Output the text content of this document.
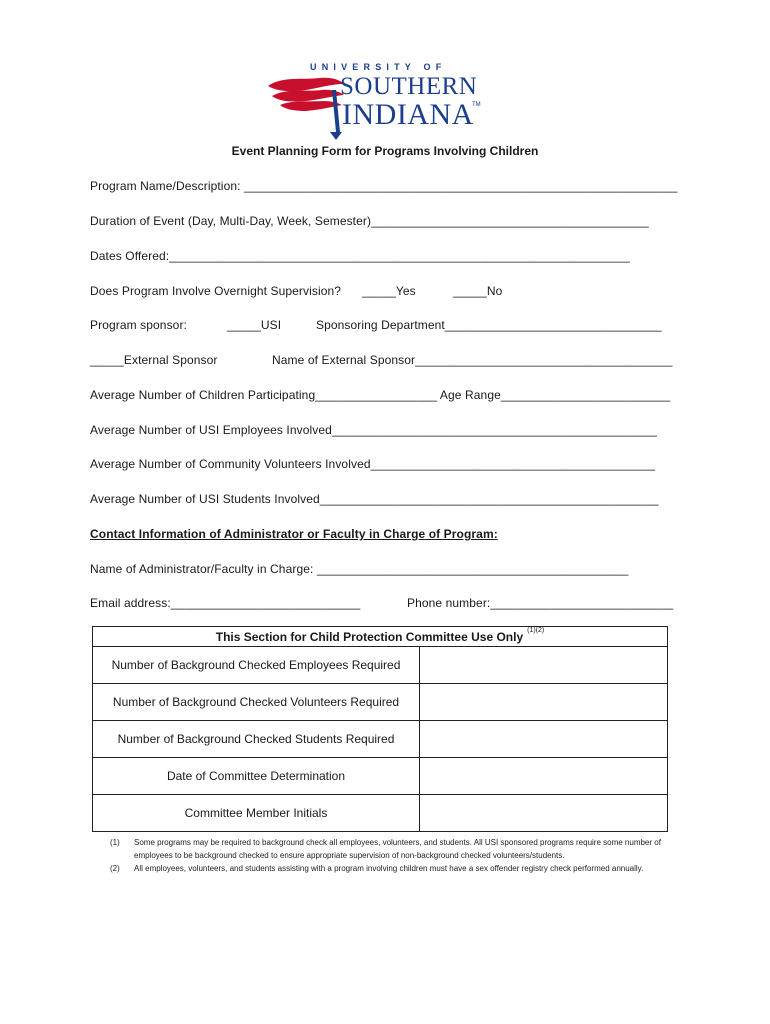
UNIVERSITY OF
SOUTHERN
INDIANA
TM
Event Planning Form for Programs Involving Children
Program Name/Description: ________________________________________________________________
Duration of Event (Day, Multi-Day, Week, Semester)_________________________________________
Dates Offered:____________________________________________________________________
Does Program Involve Overnight Supervision? _____Yes	_____No
Program sponsor:	_____USI	Sponsoring Department________________________________
_____External Sponsor	Name of External Sponsor______________________________________
Average Number of Children Participating__________________ Age Range_________________________
Average Number of USI Employees Involved________________________________________________
Average Number of Community Volunteers Involved__________________________________________
Average Number of USI Students Involved__________________________________________________
Contact Information of Administrator or Faculty in Charge of Program:
Name of Administrator/Faculty in Charge: ______________________________________________
Email address:____________________________	Phone number:___________________________
This Section for Child Protection Committee Use Only $^{(1)(2)}$
Number of Background Checked Employees Required	
Number of Background Checked Volunteers Required	
Number of Background Checked Students Required	
Date of Committee Determination	
Committee Member Initials	
(1) Some programs may be required to background check all employees, volunteers, and students. All USI sponsored programs require some number of employees to be background checked to ensure appropriate supervision of non-background checked volunteers/students.
(2) All employees, volunteers, and students assisting with a program involving children must have a sex offender registry check performed annually.
